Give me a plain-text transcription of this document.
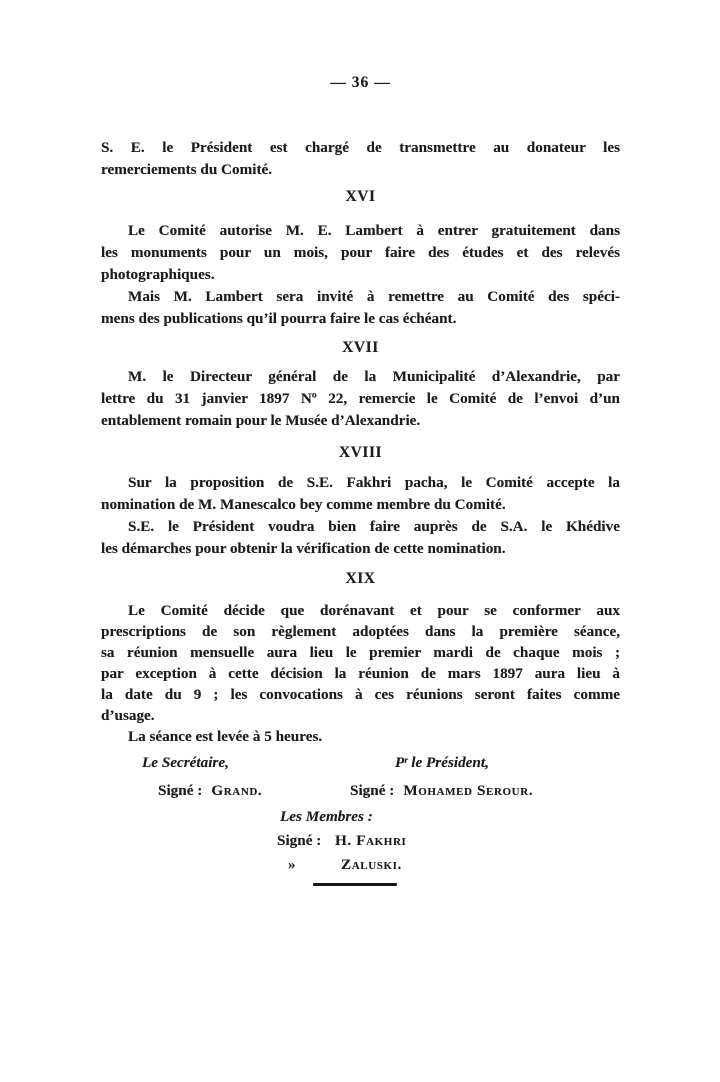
— 36 —
S. E. le Président est chargé de transmettre au donateur les
remerciements du Comité.
XVI
Le Comité autorise M. E. Lambert à entrer gratuitement dans
les monuments pour un mois, pour faire des études et des relevés
photographiques.
Mais M. Lambert sera invité à remettre au Comité des spéci-
mens des publications qu’il pourra faire le cas échéant.
XVII
M. le Directeur général de la Municipalité d’Alexandrie, par
lettre du 31 janvier 1897 Nº 22, remercie le Comité de l’envoi d’un
entablement romain pour le Musée d’Alexandrie.
XVIII
Sur la proposition de S.E. Fakhri pacha, le Comité accepte la
nomination de M. Manescalco bey comme membre du Comité.
S.E. le Président voudra bien faire auprès de S.A. le Khédive
les démarches pour obtenir la vérification de cette nomination.
XIX
Le Comité décide que dorénavant et pour se conformer aux
prescriptions de son règlement adoptées dans la première séance,
sa réunion mensuelle aura lieu le premier mardi de chaque mois ;
par exception à cette décision la réunion de mars 1897 aura lieu à
la date du 9 ; les convocations à ces réunions seront faites comme
d’usage.
La séance est levée à 5 heures.
Le Secrétaire,	Pʳ le Président,
Signé : Grand.	Signé : Mohamed Serour.
Les Membres :
Signé : H. Fakhri
»	Zaluski.
